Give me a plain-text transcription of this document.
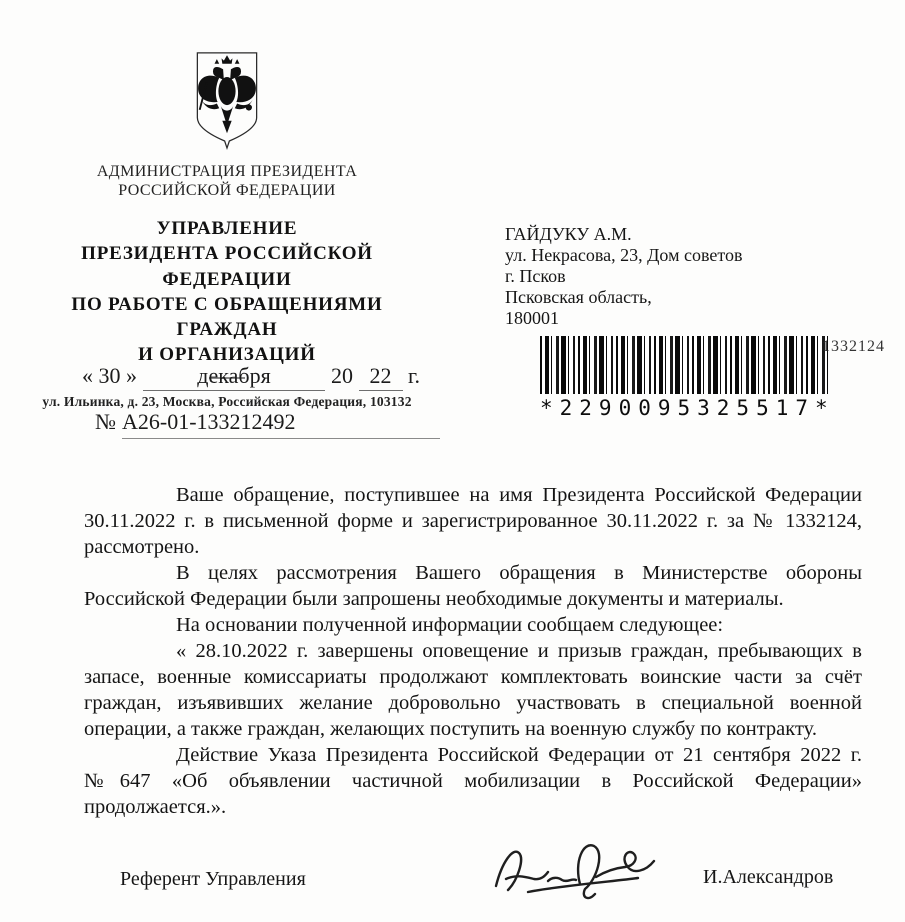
АДМИНИСТРАЦИЯ ПРЕЗИДЕНТА
РОССИЙСКОЙ ФЕДЕРАЦИИ
УПРАВЛЕНИЕ
ПРЕЗИДЕНТА РОССИЙСКОЙ ФЕДЕРАЦИИ
ПО РАБОТЕ С ОБРАЩЕНИЯМИ ГРАЖДАН
И ОРГАНИЗАЦИЙ
ул. Ильинка, д. 23, Москва, Российская Федерация, 103132
« 30 »	декабря	20 22 г.
№ А26-01-133212492
ГАЙДУКУ А.М.
ул. Некрасова, 23, Дом советов
г. Псков
Псковская область,
180001
*2290095325517*
1332124

Ваше обращение, поступившее на имя Президента Российской Федерации 30.11.2022 г. в письменной форме и зарегистрированное 30.11.2022 г. за № 1332124, рассмотрено.

В целях рассмотрения Вашего обращения в Министерстве обороны Российской Федерации были запрошены необходимые документы и материалы.

На основании полученной информации сообщаем следующее:

« 28.10.2022 г. завершены оповещение и призыв граждан, пребывающих в запасе, военные комиссариаты продолжают комплектовать воинские части за счёт граждан, изъявивших желание добровольно участвовать в специальной военной операции, а также граждан, желающих поступить на военную службу по контракту.

Действие Указа Президента Российской Федерации от 21 сентября 2022 г. №647 «Об объявлении частичной мобилизации в Российской Федерации» продолжается.».

Референт Управления	И.Александров
